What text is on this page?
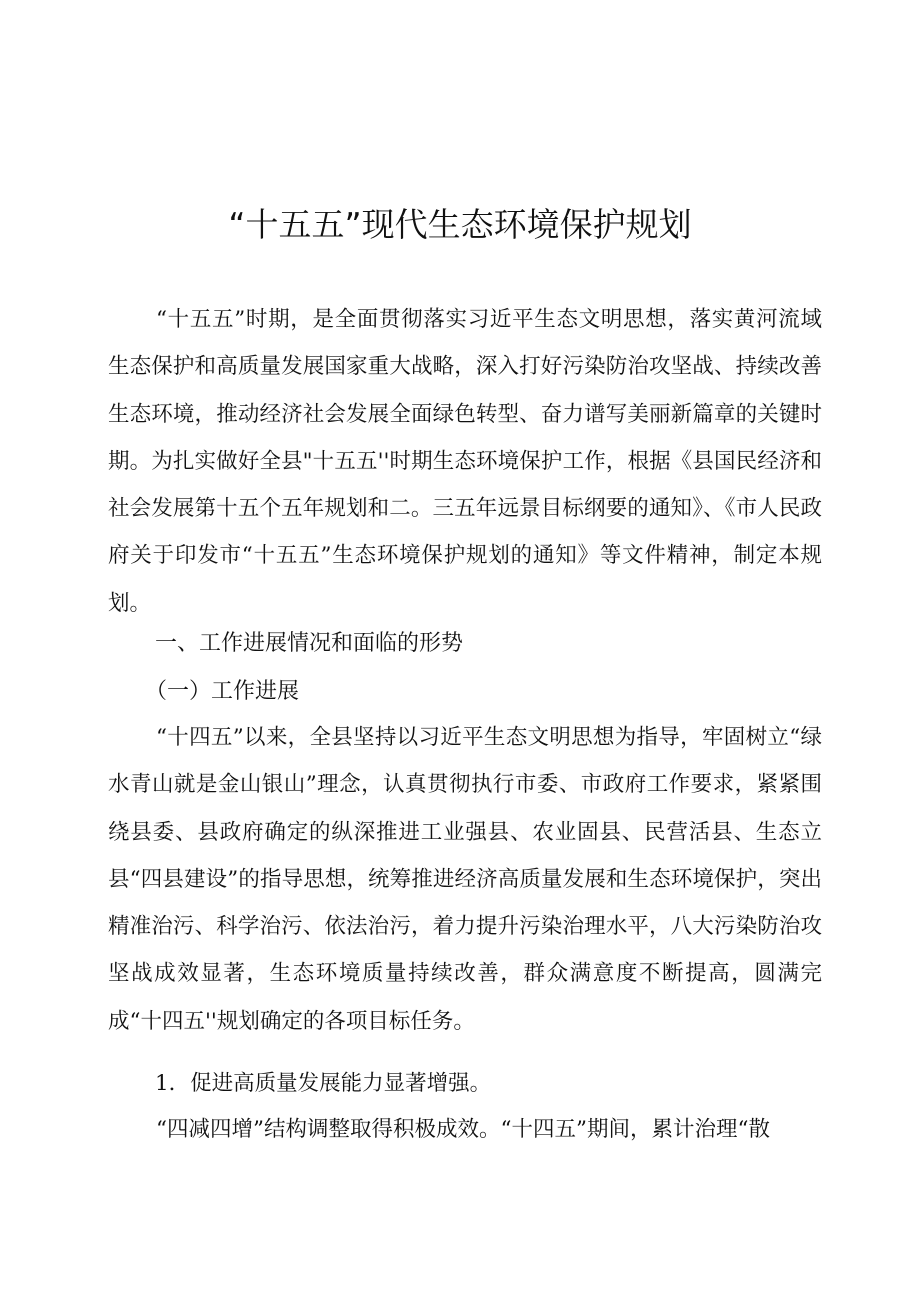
“十五五”现代生态环境保护规划
“十五五”时期，是全面贯彻落实习近平生态文明思想，落实黄河流域生态保护和高质量发展国家重大战略，深入打好污染防治攻坚战、持续改善生态环境，推动经济社会发展全面绿色转型、奋力谱写美丽新篇章的关键时期。为扎实做好全县"十五五''时期生态环境保护工作，根据《县国民经济和社会发展第十五个五年规划和二。三五年远景目标纲要的通知》、《市人民政府关于印发市“十五五”生态环境保护规划的通知》等文件精神，制定本规划。
一、工作进展情况和面临的形势
（一）工作进展
“十四五”以来，全县坚持以习近平生态文明思想为指导，牢固树立“绿水青山就是金山银山”理念，认真贯彻执行市委、市政府工作要求，紧紧围绕县委、县政府确定的纵深推进工业强县、农业固县、民营活县、生态立县“四县建设”的指导思想，统筹推进经济高质量发展和生态环境保护，突出精准治污、科学治污、依法治污，着力提升污染治理水平，八大污染防治攻坚战成效显著，生态环境质量持续改善，群众满意度不断提高，圆满完成“十四五''规划确定的各项目标任务。
1．促进高质量发展能力显著增强。
“四减四增”结构调整取得积极成效。“十四五”期间，累计治理“散
